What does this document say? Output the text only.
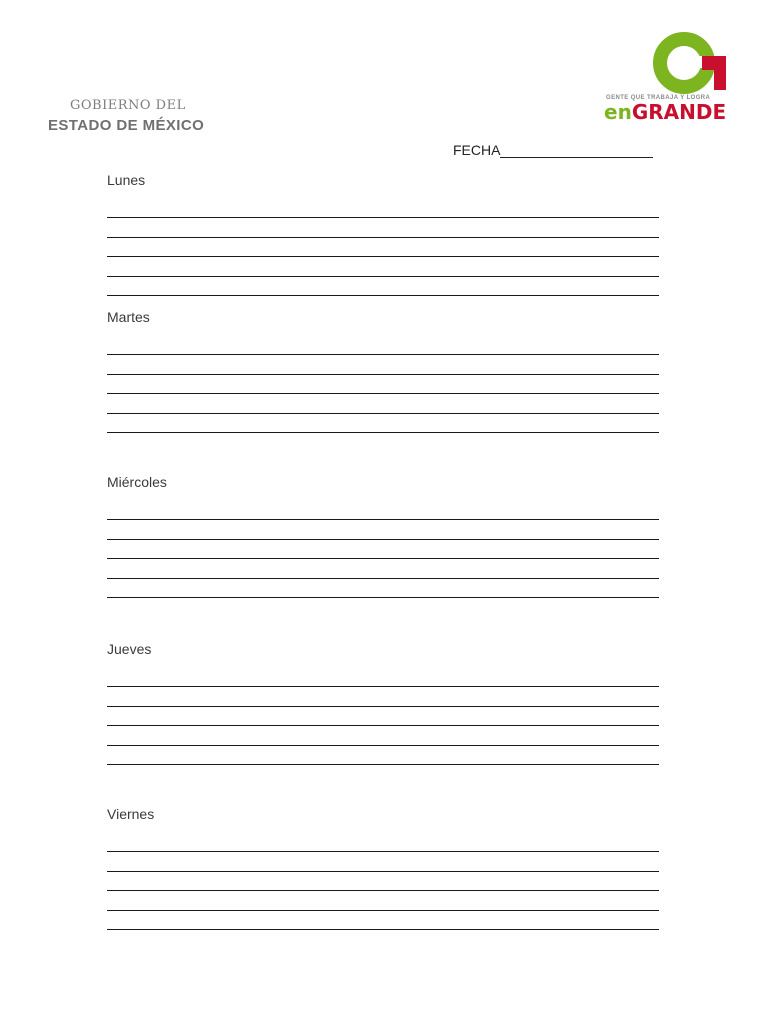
GOBIERNO DEL
ESTADO DE MÉXICO
GENTE QUE TRABAJA Y LOGRA
enGRANDE
FECHA
Lunes
Martes
Miércoles
Jueves
Viernes
